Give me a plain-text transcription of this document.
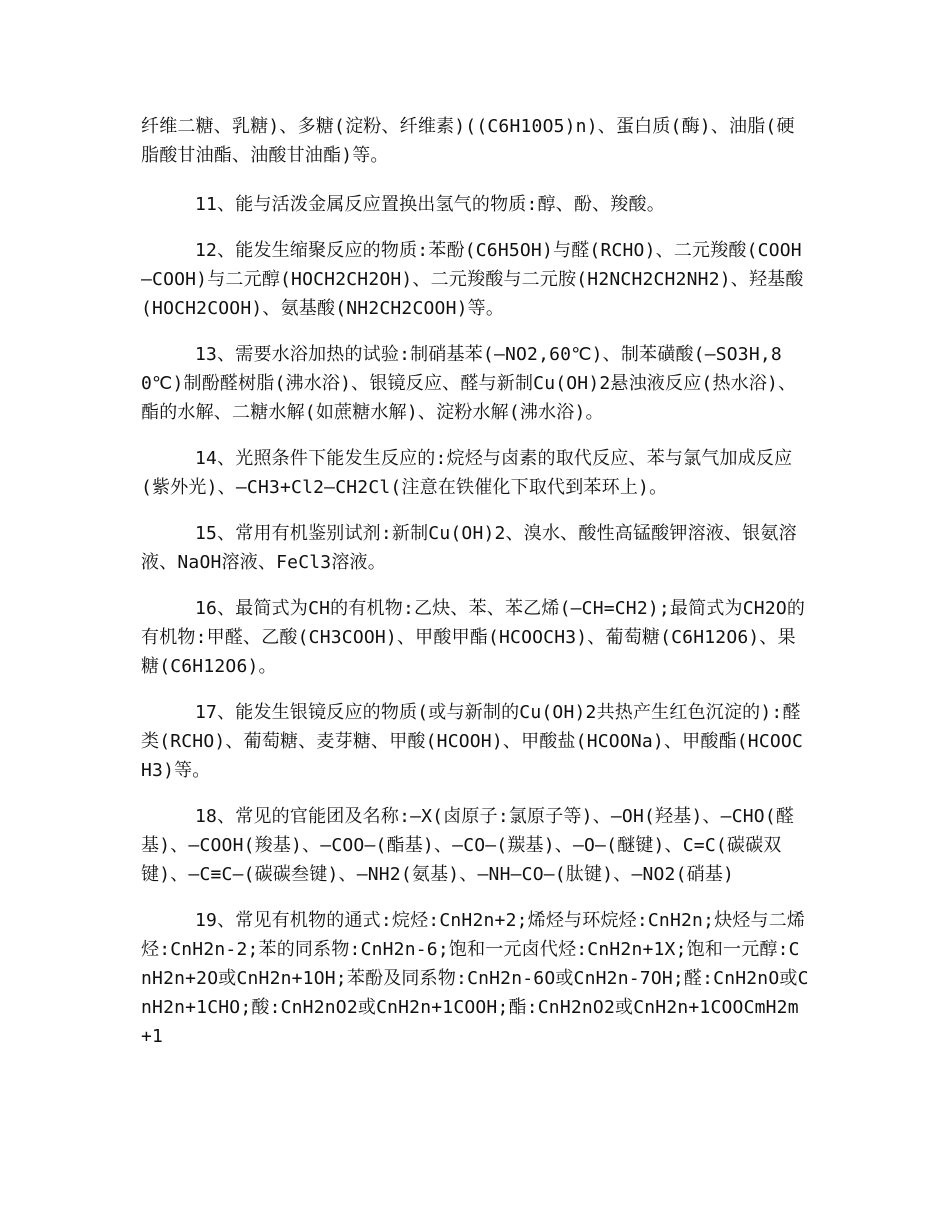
纤维二糖、乳糖)、多糖(淀粉、纤维素)((C6H10O5)n)、蛋白质(酶)、油脂(硬脂酸甘油酯、油酸甘油酯)等。

11、能与活泼金属反应置换出氢气的物质:醇、酚、羧酸。

12、能发生缩聚反应的物质:苯酚(C6H5OH)与醛(RCHO)、二元羧酸(COOH—COOH)与二元醇(HOCH2CH2OH)、二元羧酸与二元胺(H2NCH2CH2NH2)、羟基酸(HOCH2COOH)、氨基酸(NH2CH2COOH)等。

13、需要水浴加热的试验:制硝基苯(—NO2,60℃)、制苯磺酸(—SO3H,80℃)制酚醛树脂(沸水浴)、银镜反应、醛与新制Cu(OH)2悬浊液反应(热水浴)、酯的水解、二糖水解(如蔗糖水解)、淀粉水解(沸水浴)。

14、光照条件下能发生反应的:烷烃与卤素的取代反应、苯与氯气加成反应(紫外光)、—CH3+Cl2—CH2Cl(注意在铁催化下取代到苯环上)。

15、常用有机鉴别试剂:新制Cu(OH)2、溴水、酸性高锰酸钾溶液、银氨溶液、NaOH溶液、FeCl3溶液。

16、最简式为CH的有机物:乙炔、苯、苯乙烯(—CH=CH2);最简式为CH2O的有机物:甲醛、乙酸(CH3COOH)、甲酸甲酯(HCOOCH3)、葡萄糖(C6H12O6)、果糖(C6H12O6)。

17、能发生银镜反应的物质(或与新制的Cu(OH)2共热产生红色沉淀的):醛类(RCHO)、葡萄糖、麦芽糖、甲酸(HCOOH)、甲酸盐(HCOONa)、甲酸酯(HCOOCH3)等。

18、常见的官能团及名称:—X(卤原子:氯原子等)、—OH(羟基)、—CHO(醛基)、—COOH(羧基)、—COO—(酯基)、—CO—(羰基)、—O—(醚键)、C=C(碳碳双键)、—C≡C—(碳碳叁键)、—NH2(氨基)、—NH—CO—(肽键)、—NO2(硝基)

19、常见有机物的通式:烷烃:CnH2n+2;烯烃与环烷烃:CnH2n;炔烃与二烯烃:CnH2n-2;苯的同系物:CnH2n-6;饱和一元卤代烃:CnH2n+1X;饱和一元醇:CnH2n+2O或CnH2n+1OH;苯酚及同系物:CnH2n-6O或CnH2n-7OH;醛:CnH2nO或CnH2n+1CHO;酸:CnH2nO2或CnH2n+1COOH;酯:CnH2nO2或CnH2n+1COOCmH2m+1
